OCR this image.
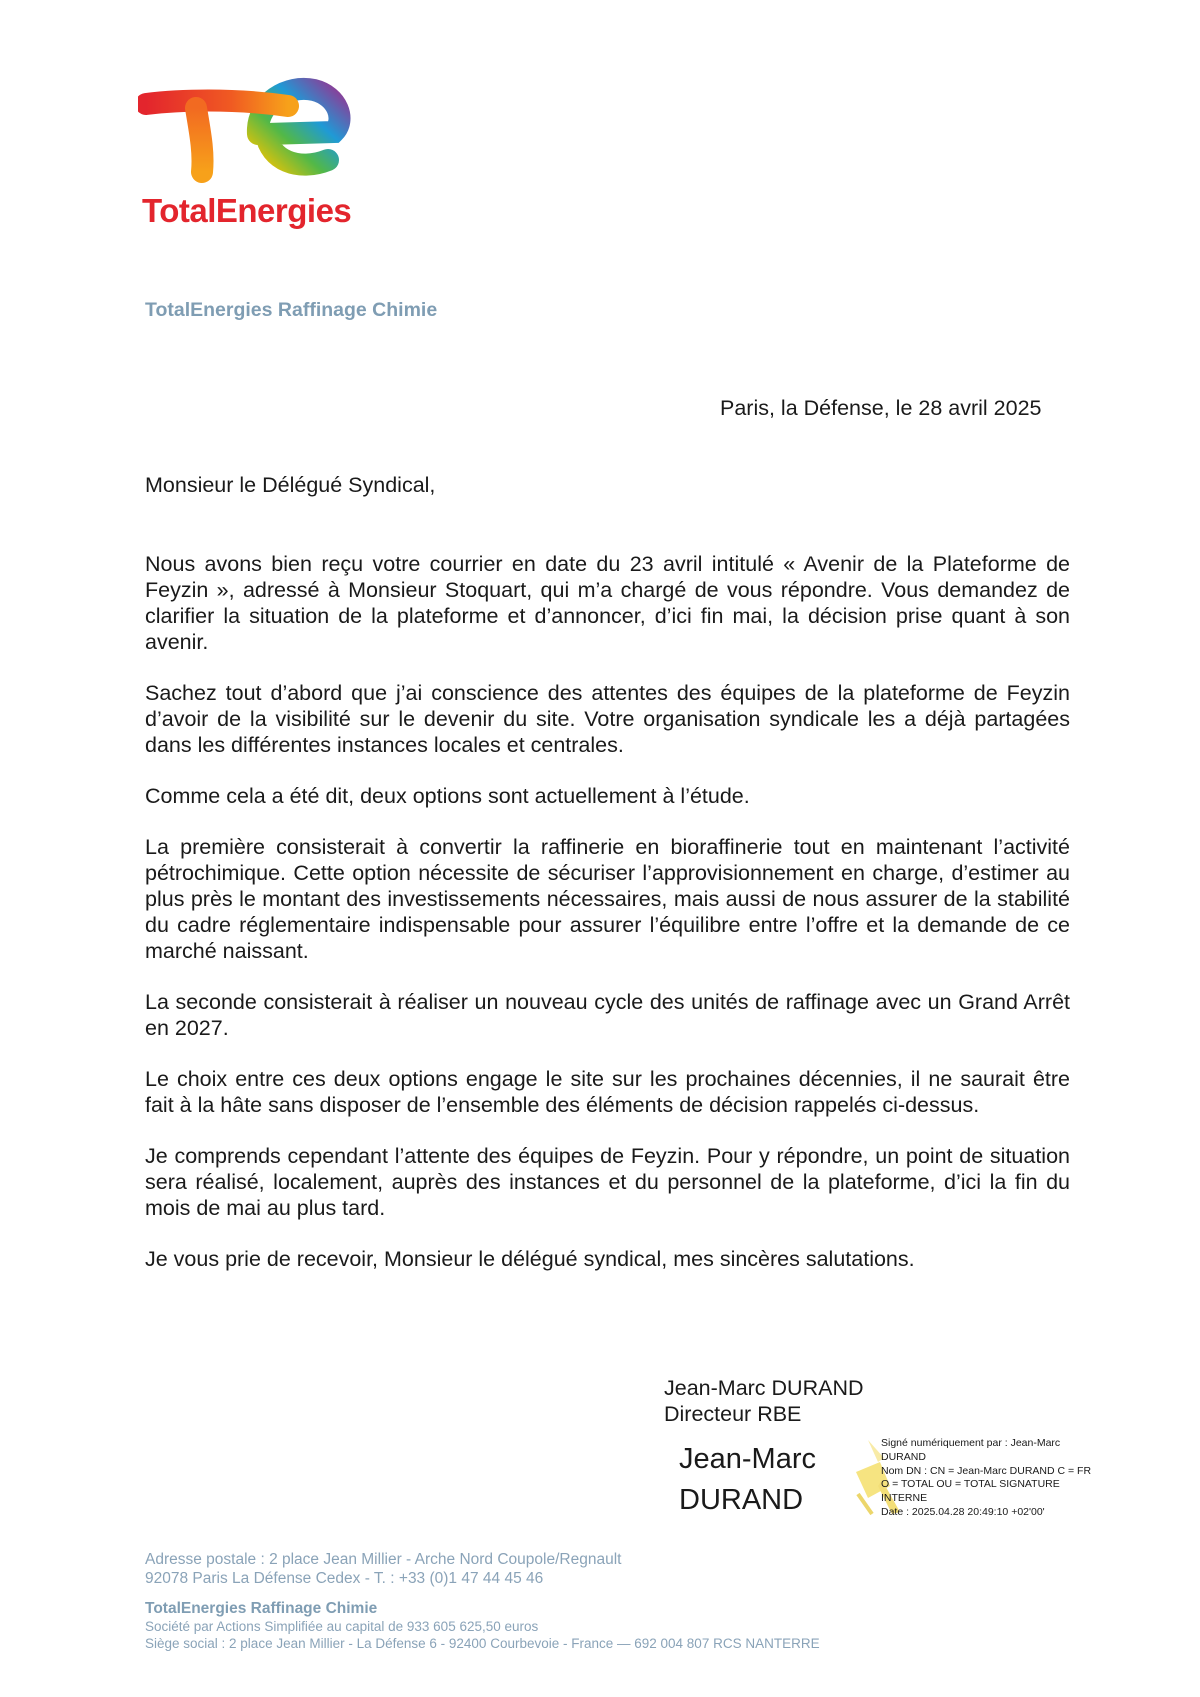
TotalEnergies
TotalEnergies Raffinage Chimie
Paris, la Défense, le 28 avril 2025
Monsieur le Délégué Syndical,

Nous avons bien reçu votre courrier en date du 23 avril intitulé « Avenir de la Plateforme de Feyzin », adressé à Monsieur Stoquart, qui m’a chargé de vous répondre. Vous demandez de clarifier la situation de la plateforme et d’annoncer, d’ici fin mai, la décision prise quant à son avenir.

Sachez tout d’abord que j’ai conscience des attentes des équipes de la plateforme de Feyzin d’avoir de la visibilité sur le devenir du site. Votre organisation syndicale les a déjà partagées dans les différentes instances locales et centrales.

Comme cela a été dit, deux options sont actuellement à l’étude.

La première consisterait à convertir la raffinerie en bioraffinerie tout en maintenant l’activité pétrochimique. Cette option nécessite de sécuriser l’approvisionnement en charge, d’estimer au plus près le montant des investissements nécessaires, mais aussi de nous assurer de la stabilité du cadre réglementaire indispensable pour assurer l’équilibre entre l’offre et la demande de ce marché naissant.

La seconde consisterait à réaliser un nouveau cycle des unités de raffinage avec un Grand Arrêt en 2027.

Le choix entre ces deux options engage le site sur les prochaines décennies, il ne saurait être fait à la hâte sans disposer de l’ensemble des éléments de décision rappelés ci-dessus.

Je comprends cependant l’attente des équipes de Feyzin. Pour y répondre, un point de situation sera réalisé, localement, auprès des instances et du personnel de la plateforme, d’ici la fin du mois de mai au plus tard.

Je vous prie de recevoir, Monsieur le délégué syndical, mes sincères salutations.

Jean-Marc DURAND
Directeur RBE
Jean-Marc
DURAND
Signé numériquement par : Jean-Marc
DURAND
Nom DN : CN = Jean-Marc DURAND C = FR
O = TOTAL OU = TOTAL SIGNATURE
INTERNE
Date : 2025.04.28 20:49:10 +02'00'
Adresse postale : 2 place Jean Millier - Arche Nord Coupole/Regnault
92078 Paris La Défense Cedex - T. : +33 (0)1 47 44 45 46
TotalEnergies Raffinage Chimie
Société par Actions Simplifiée au capital de 933 605 625,50 euros
Siège social : 2 place Jean Millier - La Défense 6 - 92400 Courbevoie - France — 692 004 807 RCS NANTERRE
